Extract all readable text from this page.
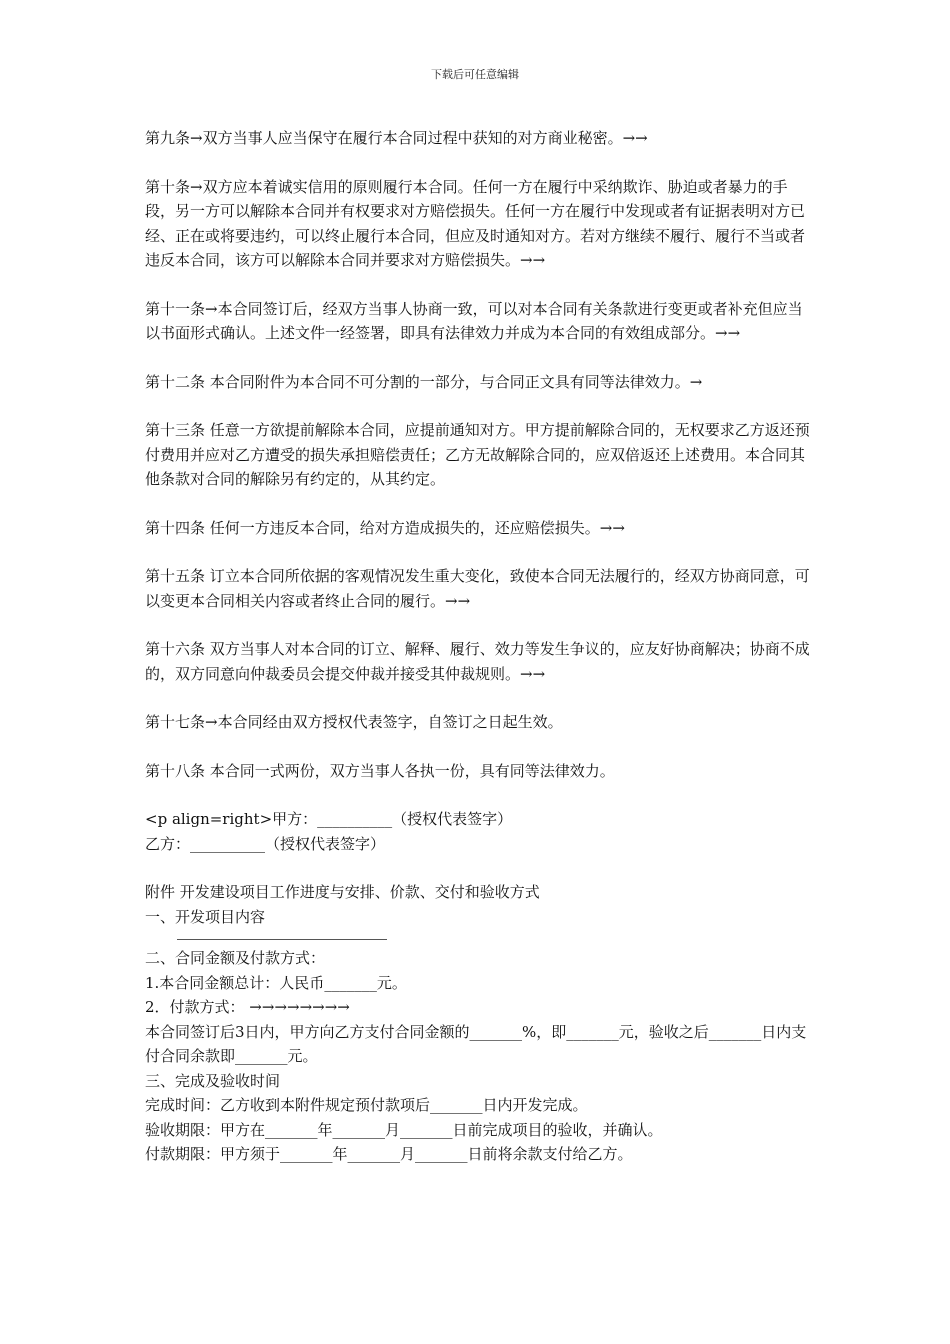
下载后可任意编辑

第九条→双方当事人应当保守在履行本合同过程中获知的对方商业秘密。→→

第十条→双方应本着诚实信用的原则履行本合同。任何一方在履行中采纳欺诈、胁迫或者暴力的手段，另一方可以解除本合同并有权要求对方赔偿损失。任何一方在履行中发现或者有证据表明对方已经、正在或将要违约，可以终止履行本合同，但应及时通知对方。若对方继续不履行、履行不当或者违反本合同，该方可以解除本合同并要求对方赔偿损失。→→

第十一条→本合同签订后，经双方当事人协商一致，可以对本合同有关条款进行变更或者补充但应当以书面形式确认。上述文件一经签署，即具有法律效力并成为本合同的有效组成部分。→→

第十二条 本合同附件为本合同不可分割的一部分，与合同正文具有同等法律效力。→

第十三条 任意一方欲提前解除本合同，应提前通知对方。甲方提前解除合同的，无权要求乙方返还预付费用并应对乙方遭受的损失承担赔偿责任；乙方无故解除合同的，应双倍返还上述费用。本合同其他条款对合同的解除另有约定的，从其约定。

第十四条 任何一方违反本合同，给对方造成损失的，还应赔偿损失。→→

第十五条 订立本合同所依据的客观情况发生重大变化，致使本合同无法履行的，经双方协商同意，可以变更本合同相关内容或者终止合同的履行。→→

第十六条 双方当事人对本合同的订立、解释、履行、效力等发生争议的，应友好协商解决；协商不成的，双方同意向仲裁委员会提交仲裁并接受其仲裁规则。→→

第十七条→本合同经由双方授权代表签字，自签订之日起生效。

第十八条 本合同一式两份，双方当事人各执一份，具有同等法律效力。

<p align=right>甲方：__________（授权代表签字）

乙方：__________（授权代表签字）

附件 开发建设项目工作进度与安排、价款、交付和验收方式

一、开发项目内容

二、合同金额及付款方式：

1.本合同金额总计：人民币_______元。

2．付款方式： →→→→→→→→

本合同签订后3日内，甲方向乙方支付合同金额的_______%，即_______元，验收之后_______日内支付合同余款即_______元。

三、完成及验收时间

完成时间：乙方收到本附件规定预付款项后_______日内开发完成。

验收期限：甲方在_______年_______月_______日前完成项目的验收，并确认。

付款期限：甲方须于_______年_______月_______日前将余款支付给乙方。
